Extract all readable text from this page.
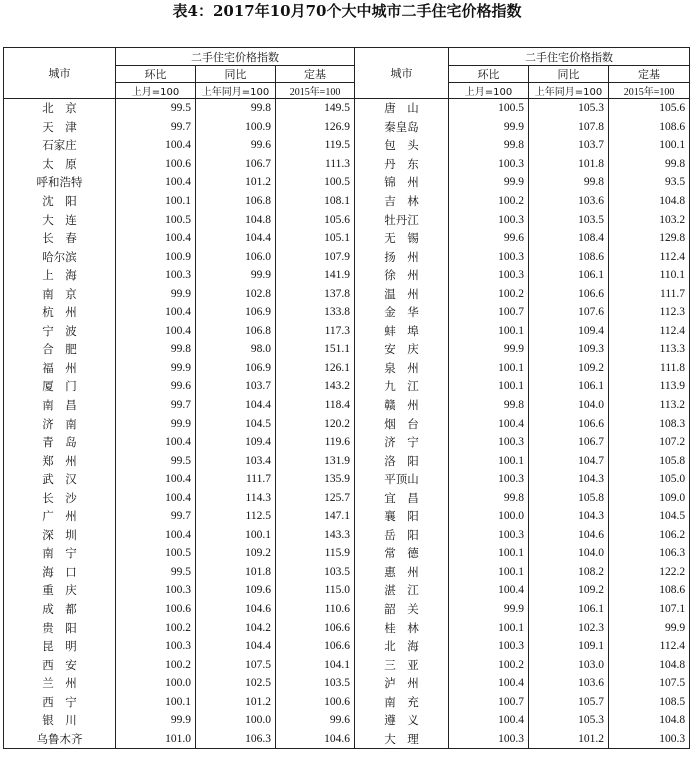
表4：2017年10月70个大中城市二手住宅价格指数
城市	二手住宅价格指数			城市	二手住宅价格指数		
	环比	同比	定基		环比	同比	定基
	上月=100	上年同月=100	2015年=100		上月=100	上年同月=100	2015年=100

北　京	99.5	99.8	149.5	唐　山	100.5	105.3	105.6

天　津	99.7	100.9	126.9	秦皇岛	99.9	107.8	108.6

石家庄	100.4	99.6	119.5	包　头	99.8	103.7	100.1

太　原	100.6	106.7	111.3	丹　东	100.3	101.8	99.8

呼和浩特	100.4	101.2	100.5	锦　州	99.9	99.8	93.5

沈　阳	100.1	106.8	108.1	吉　林	100.2	103.6	104.8

大　连	100.5	104.8	105.6	牡丹江	100.3	103.5	103.2

长　春	100.4	104.4	105.1	无　锡	99.6	108.4	129.8

哈尔滨	100.9	106.0	107.9	扬　州	100.3	108.6	112.4

上　海	100.3	99.9	141.9	徐　州	100.3	106.1	110.1

南　京	99.9	102.8	137.8	温　州	100.2	106.6	111.7

杭　州	100.4	106.9	133.8	金　华	100.7	107.6	112.3

宁　波	100.4	106.8	117.3	蚌　埠	100.1	109.4	112.4

合　肥	99.8	98.0	151.1	安　庆	99.9	109.3	113.3

福　州	99.9	106.9	126.1	泉　州	100.1	109.2	111.8

厦　门	99.6	103.7	143.2	九　江	100.1	106.1	113.9

南　昌	99.7	104.4	118.4	赣　州	99.8	104.0	113.2

济　南	99.9	104.5	120.2	烟　台	100.4	106.6	108.3

青　岛	100.4	109.4	119.6	济　宁	100.3	106.7	107.2

郑　州	99.5	103.4	131.9	洛　阳	100.1	104.7	105.8

武　汉	100.4	111.7	135.9	平顶山	100.3	104.3	105.0

长　沙	100.4	114.3	125.7	宜　昌	99.8	105.8	109.0

广　州	99.7	112.5	147.1	襄　阳	100.0	104.3	104.5

深　圳	100.4	100.1	143.3	岳　阳	100.3	104.6	106.2

南　宁	100.5	109.2	115.9	常　德	100.1	104.0	106.3

海　口	99.5	101.8	103.5	惠　州	100.1	108.2	122.2

重　庆	100.3	109.6	115.0	湛　江	100.4	109.2	108.6

成　都	100.6	104.6	110.6	韶　关	99.9	106.1	107.1

贵　阳	100.2	104.2	106.6	桂　林	100.1	102.3	99.9

昆　明	100.3	104.4	106.6	北　海	100.3	109.1	112.4

西　安	100.2	107.5	104.1	三　亚	100.2	103.0	104.8

兰　州	100.0	102.5	103.5	泸　州	100.4	103.6	107.5

西　宁	100.1	101.2	100.6	南　充	100.7	105.7	108.5

银　川	99.9	100.0	99.6	遵　义	100.4	105.3	104.8

乌鲁木齐	101.0	106.3	104.6	大　理	100.3	101.2	100.3
